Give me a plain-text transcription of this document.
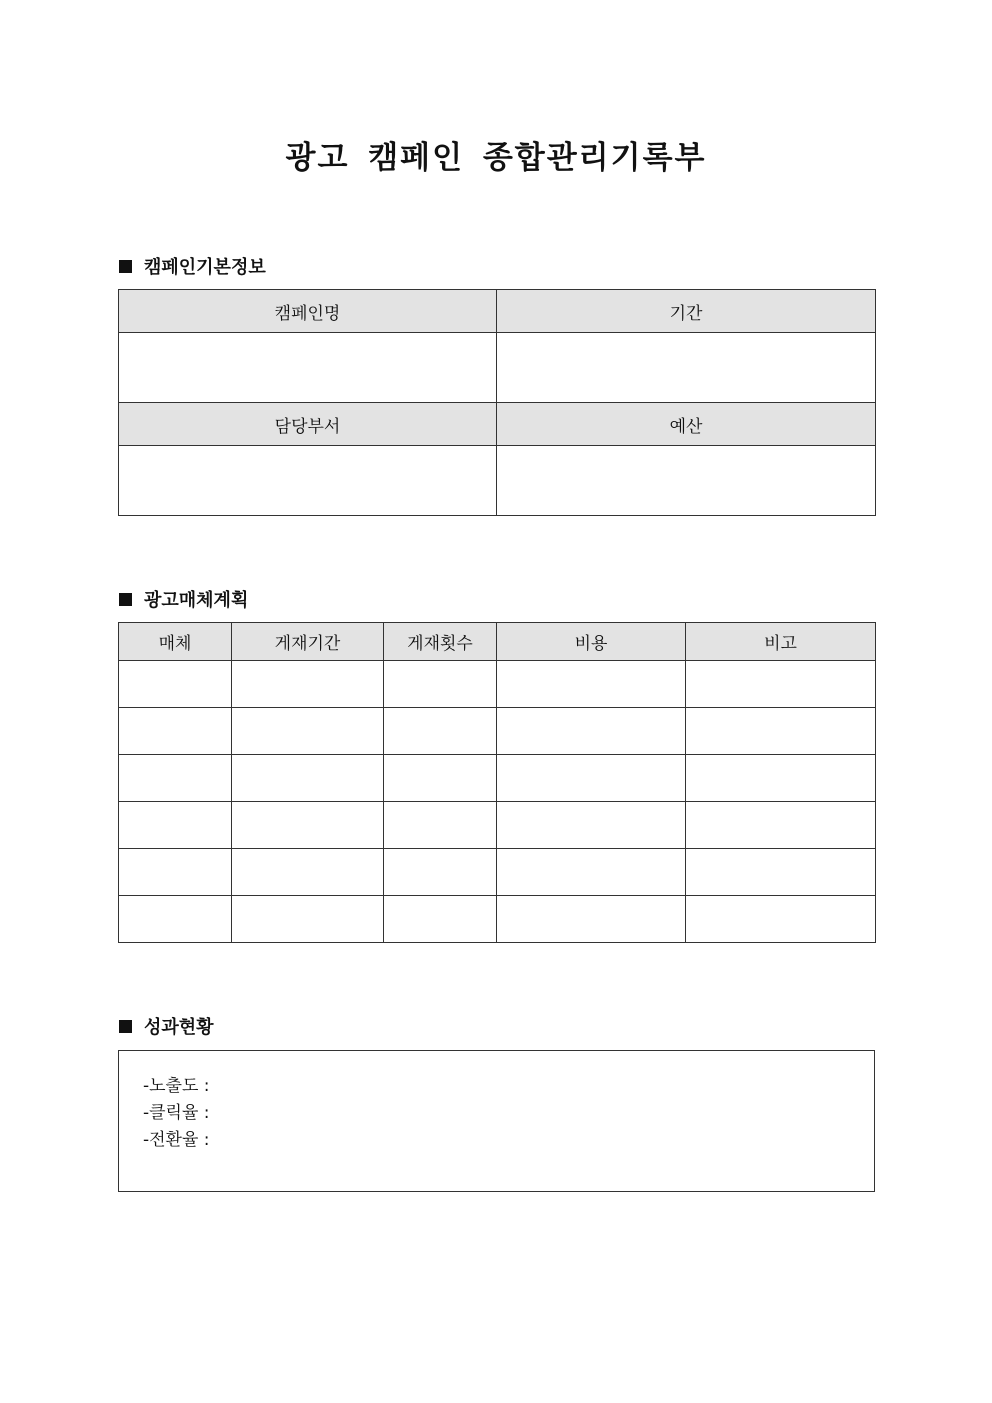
광고 캠페인 종합관리기록부
캠페인기본정보
캠페인명	기간

담당부서	예산

광고매체계획
매체	게재기간	게재횟수	비용	비고

성과현황
-노출도 :
-클릭율 :
-전환율 :
